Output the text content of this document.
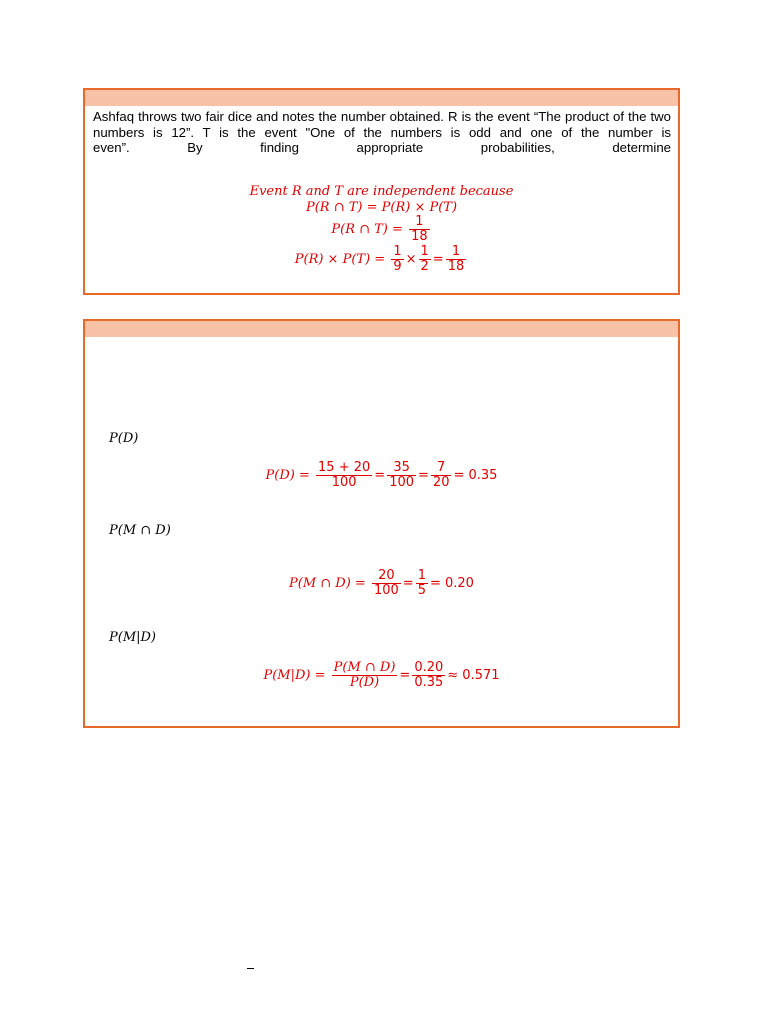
Ashfaq throws two fair dice and notes the number obtained. R is the event “The product of the two numbers is 12”. T is the event "One of the numbers is odd and one of the number is
even”. By finding appropriate probabilities, determine
Event R and T are independent because
P(R ∩ T) = P(R) × P(T)
P(R ∩ $T) = \frac{1}{18}$
$P(R) \times P(T) = \frac{1}{9} \times \frac{1}{2} = \frac{1}{18}$
P(D)
$P(D) = \frac{15 + 20}{100} = \frac{35}{100} = \frac{7}{20} = 0.35$
P(M ∩ D)
P(M ∩ $D) = \frac{20}{100} = \frac{1}{5} = 0.20$
P(M|D)
$P(M|D) = \frac{P(M \cap D)}{P(D)} = \frac{0.20}{0.35} \approx 0.571$
